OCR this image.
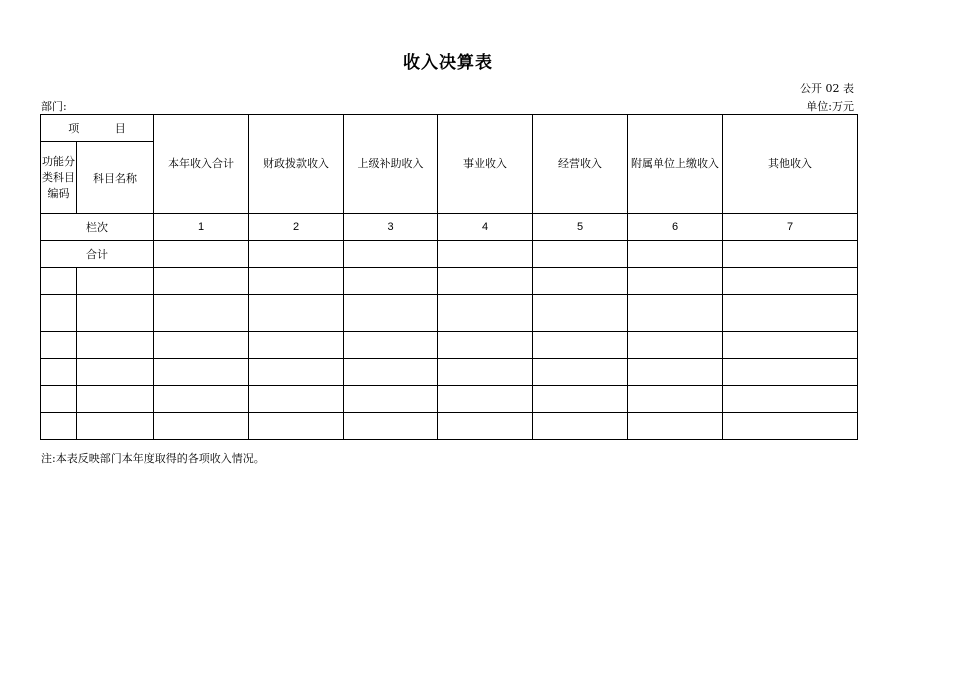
收入决算表
公开 02 表
部门:	单位:万元
项 目		本年收入合计	财政拨款收入	上级补助收入	事业收入	经营收入	附属单位上缴收入	其他收入
功能分类科目编码	科目名称							
栏次		1	2	3	4	5	6	7
合计								

注:本表反映部门本年度取得的各项收入情况。
